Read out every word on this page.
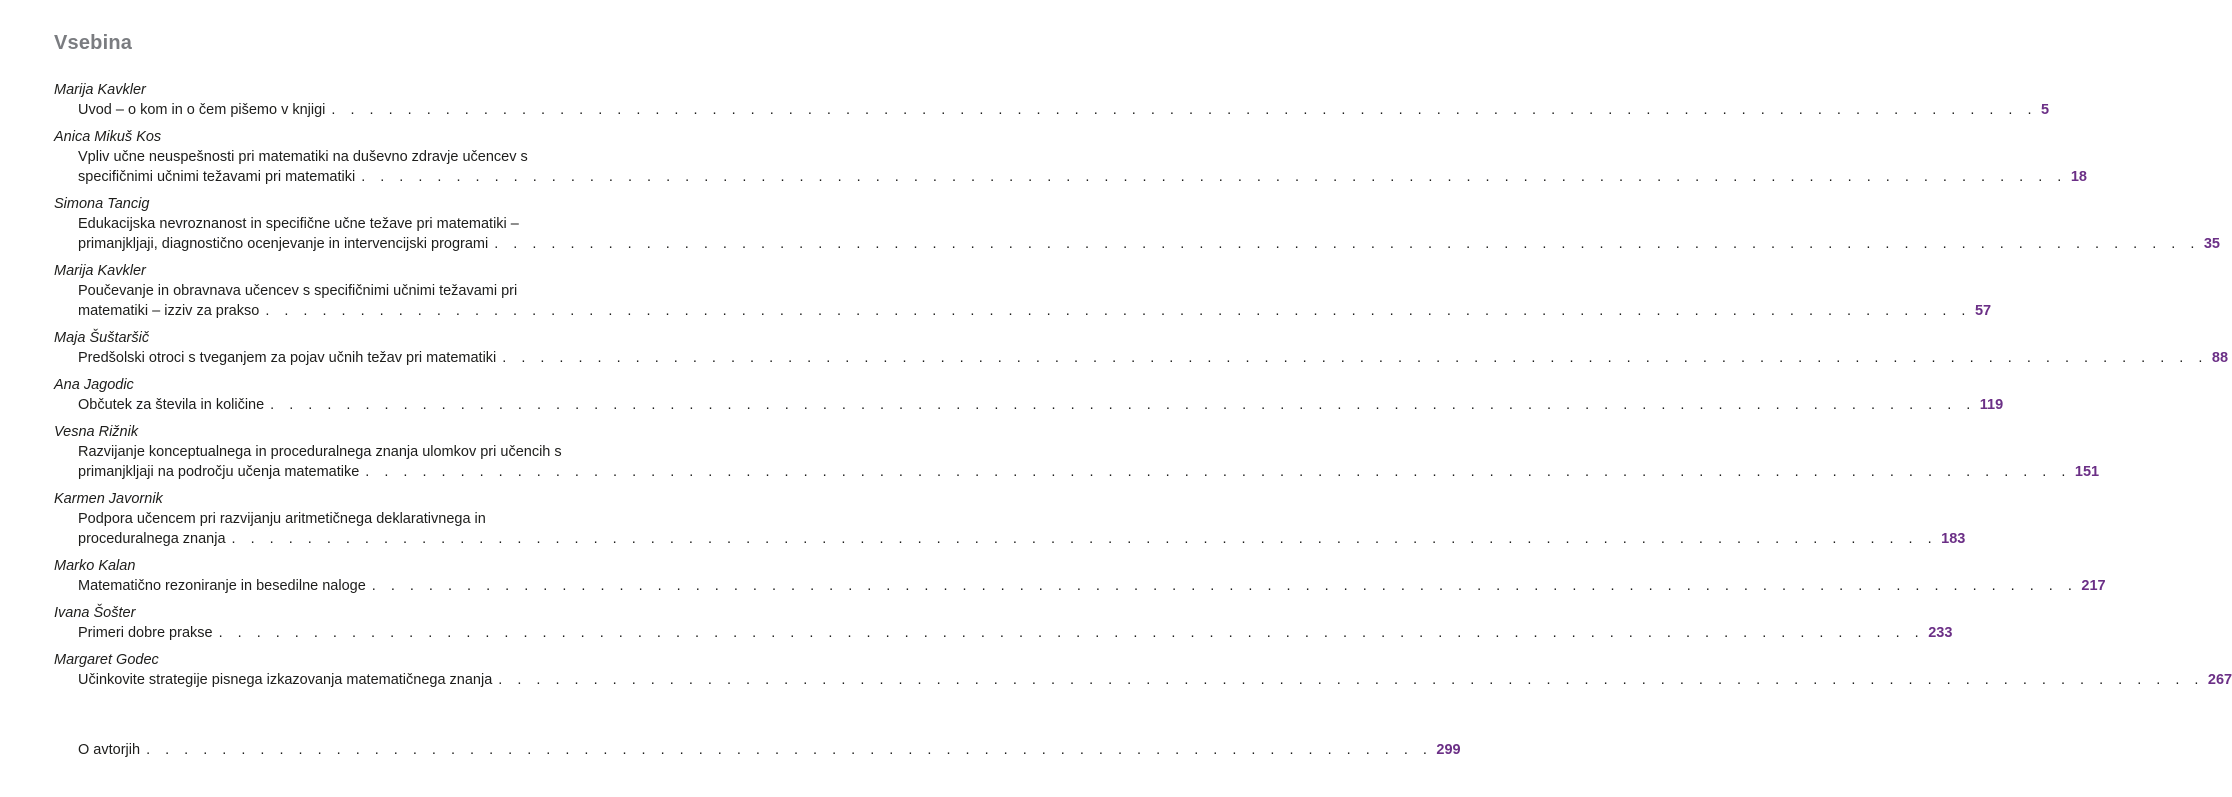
Vsebina
Marija Kavkler
Uvod – o kom in o čem pišemo v knjigi . . . . . . . . . . . . . . . . . . . . . . . . . . . . . . . . . . . . . . . . . . . . . . . . . . . . . . . . . . . . . . . . . . . . . . . . . . . . . . . . . . . . . . . . . . 5
Anica Mikuš Kos
Vpliv učne neuspešnosti pri matematiki na duševno zdravje učencev s
specifičnimi učnimi težavami pri matematiki . . . . . . . . . . . . . . . . . . . . . . . . . . . . . . . . . . . . . . . . . . . . . . . . . . . . . . . . . . . . . . . . . . . . . . . . . . . . . . . . . . . . . . . . . . 18
Simona Tancig
Edukacijska nevroznanost in specifične učne težave pri matematiki –
primanjkljaji, diagnostično ocenjevanje in intervencijski programi . . . . . . . . . . . . . . . . . . . . . . . . . . . . . . . . . . . . . . . . . . . . . . . . . . . . . . . . . . . . . . . . . . . . . . . . . . . . . . . . . . . . . . . . . . 35
Marija Kavkler
Poučevanje in obravnava učencev s specifičnimi učnimi težavami pri
matematiki – izziv za prakso . . . . . . . . . . . . . . . . . . . . . . . . . . . . . . . . . . . . . . . . . . . . . . . . . . . . . . . . . . . . . . . . . . . . . . . . . . . . . . . . . . . . . . . . . . 57
Maja Šuštaršič
Predšolski otroci s tveganjem za pojav učnih težav pri matematiki . . . . . . . . . . . . . . . . . . . . . . . . . . . . . . . . . . . . . . . . . . . . . . . . . . . . . . . . . . . . . . . . . . . . . . . . . . . . . . . . . . . . . . . . . . 88
Ana Jagodic
Občutek za števila in količine . . . . . . . . . . . . . . . . . . . . . . . . . . . . . . . . . . . . . . . . . . . . . . . . . . . . . . . . . . . . . . . . . . . . . . . . . . . . . . . . . . . . . . . . . . 119
Vesna Rižnik
Razvijanje konceptualnega in proceduralnega znanja ulomkov pri učencih s
primanjkljaji na področju učenja matematike . . . . . . . . . . . . . . . . . . . . . . . . . . . . . . . . . . . . . . . . . . . . . . . . . . . . . . . . . . . . . . . . . . . . . . . . . . . . . . . . . . . . . . . . . . 151
Karmen Javornik
Podpora učencem pri razvijanju aritmetičnega deklarativnega in
proceduralnega znanja . . . . . . . . . . . . . . . . . . . . . . . . . . . . . . . . . . . . . . . . . . . . . . . . . . . . . . . . . . . . . . . . . . . . . . . . . . . . . . . . . . . . . . . . . . 183
Marko Kalan
Matematično rezoniranje in besedilne naloge . . . . . . . . . . . . . . . . . . . . . . . . . . . . . . . . . . . . . . . . . . . . . . . . . . . . . . . . . . . . . . . . . . . . . . . . . . . . . . . . . . . . . . . . . . 217
Ivana Šošter
Primeri dobre prakse . . . . . . . . . . . . . . . . . . . . . . . . . . . . . . . . . . . . . . . . . . . . . . . . . . . . . . . . . . . . . . . . . . . . . . . . . . . . . . . . . . . . . . . . . . 233
Margaret Godec
Učinkovite strategije pisnega izkazovanja matematičnega znanja . . . . . . . . . . . . . . . . . . . . . . . . . . . . . . . . . . . . . . . . . . . . . . . . . . . . . . . . . . . . . . . . . . . . . . . . . . . . . . . . . . . . . . . . . . 267
O avtorjih . . . . . . . . . . . . . . . . . . . . . . . . . . . . . . . . . . . . . . . . . . . . . . . . . . . . . . . . . . . . . . . . . . . . 299
